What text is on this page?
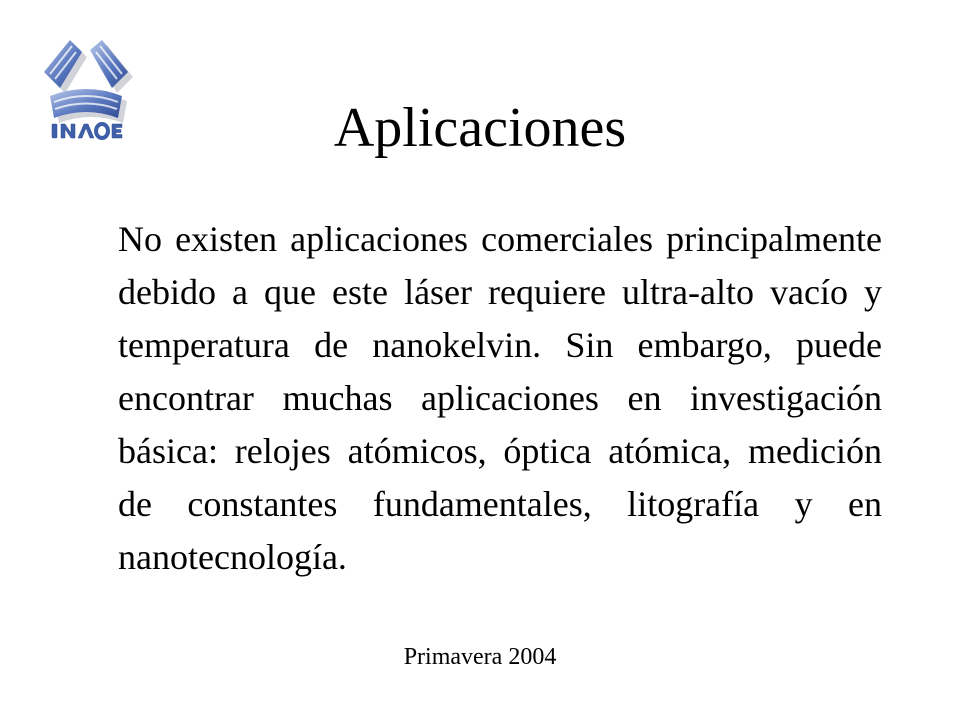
Aplicaciones

No existen aplicaciones comerciales principalmente debido a que este láser requiere ultra-alto vacío y temperatura de nanokelvin. Sin embargo, puede encontrar muchas aplicaciones en investigación básica: relojes atómicos, óptica atómica, medición de constantes fundamentales, litografía y en nanotecnología.

Primavera 2004
